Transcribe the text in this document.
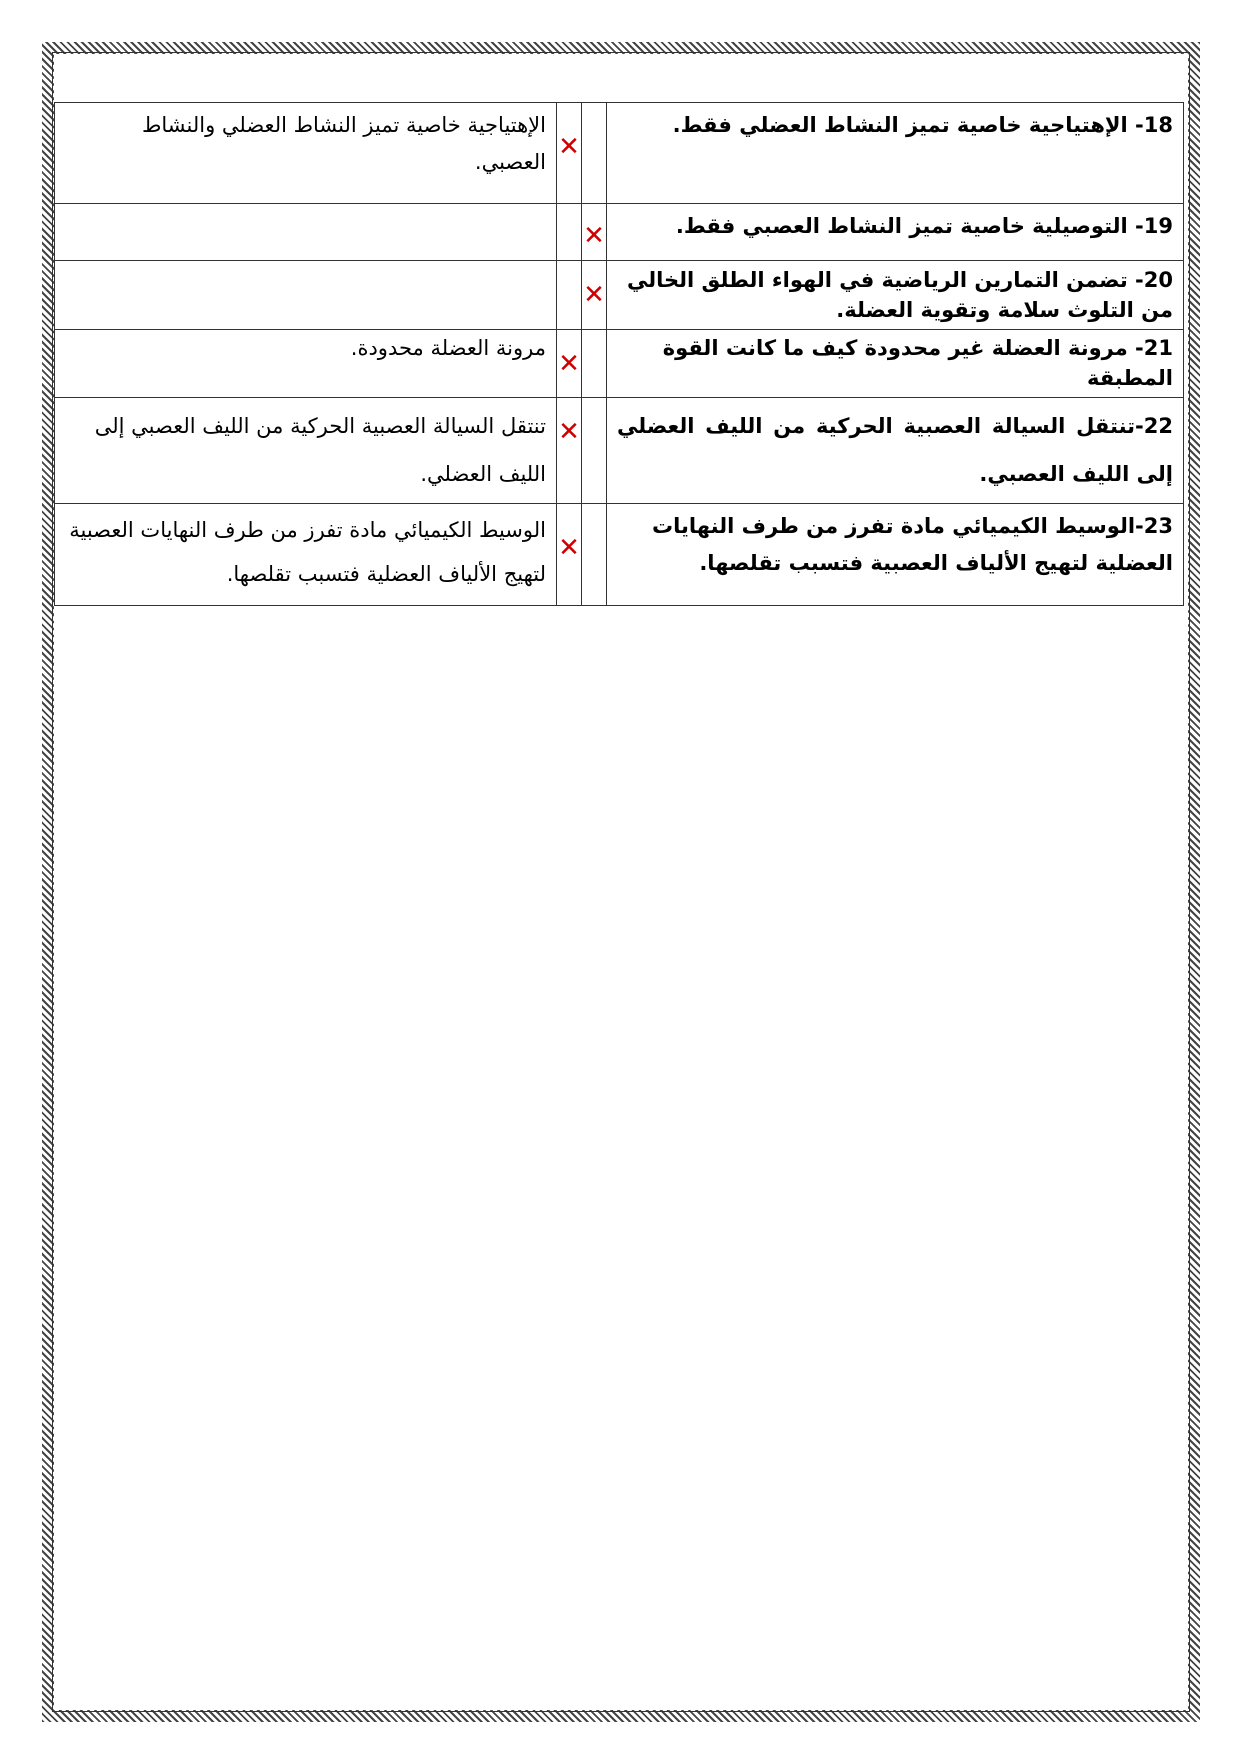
18- الإهتياجية خاصية تميز النشاط العضلي فقط.		✕	الإهتياجية خاصية تميز النشاط العضلي والنشاط العصبي.
19- التوصيلية خاصية تميز النشاط العصبي فقط.	✕		
20- تضمن التمارين الرياضية في الهواء الطلق الخالي من التلوث سلامة وتقوية العضلة.	✕		
21- مرونة العضلة غير محدودة كيف ما كانت القوة المطبقة		✕	مرونة العضلة محدودة.
22-تنتقل السيالة العصبية الحركية من الليف العضلي إلى الليف العصبي.		✕	تنتقل السيالة العصبية الحركية من الليف العصبي إلى الليف العضلي.
23-الوسيط الكيميائي مادة تفرز من طرف النهايات العضلية لتهيج الألياف العصبية فتسبب تقلصها.		✕	الوسيط الكيميائي مادة تفرز من طرف النهايات العصبية لتهيج الألياف العضلية فتسبب تقلصها.
